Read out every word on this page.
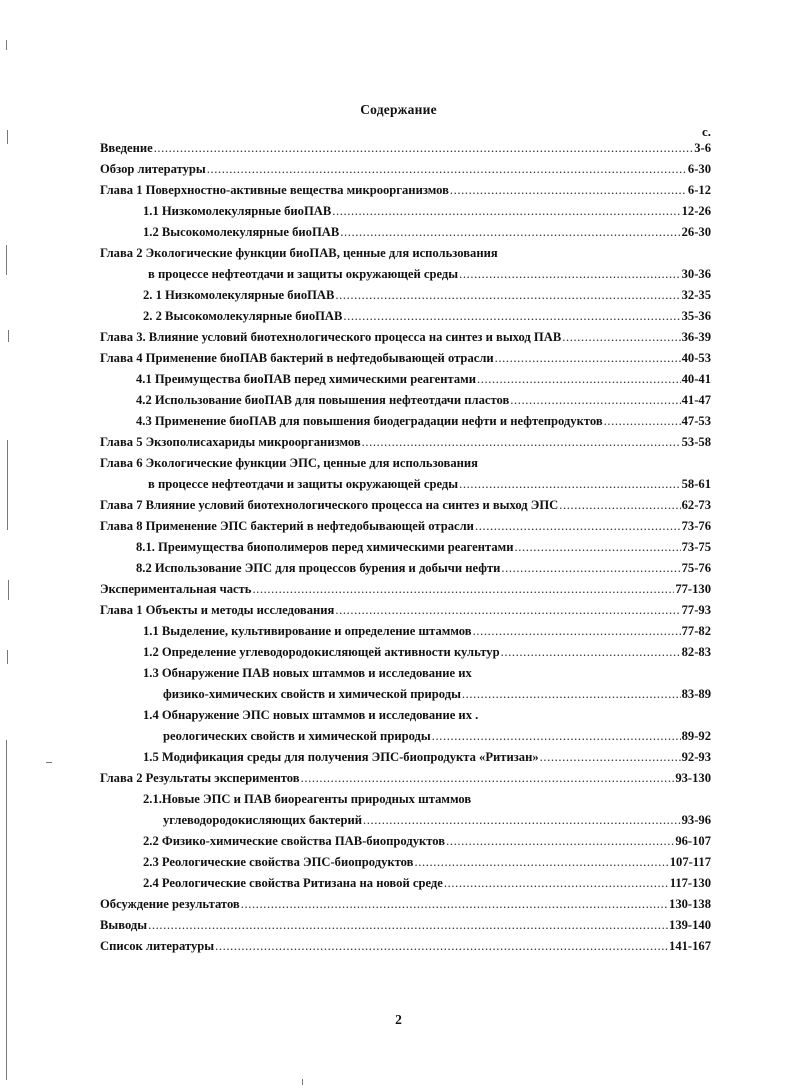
Содержание
с.
Введение .....	3-6
Обзор литературы .....	6-30
Глава 1 Поверхностно-активные вещества микроорганизмов .....	6-12
1.1 Низкомолекулярные биоПАВ .....	12-26
1.2 Высокомолекулярные биоПАВ .....	26-30
Глава 2 Экологические функции биоПАВ, ценные для использования
в процессе нефтеотдачи и защиты окружающей среды .....	30-36
2. 1 Низкомолекулярные биоПАВ .....	32-35
2. 2 Высокомолекулярные биоПАВ .....	35-36
Глава 3. Влияние условий биотехнологического процесса на синтез и выход ПАВ .....	36-39
Глава 4 Применение биоПАВ бактерий в нефтедобывающей отрасли .....	40-53
4.1 Преимущества биоПАВ перед химическими реагентами .....	40-41
4.2 Использование биоПАВ для повышения нефтеотдачи пластов .....	41-47
4.3 Применение биоПАВ для повышения биодеградации нефти и нефтепродуктов .....	47-53
Глава 5 Экзополисахариды микроорганизмов .....	53-58
Глава 6 Экологические функции ЭПС, ценные для использования
в процессе нефтеотдачи и защиты окружающей среды .....	58-61
Глава 7 Влияние условий биотехнологического процесса на синтез и выход ЭПС .....	62-73
Глава 8 Применение ЭПС бактерий в нефтедобывающей отрасли .....	73-76
8.1. Преимущества биополимеров перед химическими реагентами .....	73-75
8.2 Использование ЭПС для процессов бурения и добычи нефти .....	75-76
Экспериментальная часть .....	77-130
Глава 1 Объекты и методы исследования .....	77-93
1.1 Выделение, культивирование и определение штаммов .....	77-82
1.2 Определение углеводородокисляющей активности культур .....	82-83
1.3 Обнаружение ПАВ новых штаммов и исследование их
физико-химических свойств и химической природы .....	83-89
1.4 Обнаружение ЭПС новых штаммов и исследование их .
реологических свойств и химической природы .....	89-92
1.5 Модификация среды для получения ЭПС-биопродукта «Ритизан» .....	92-93
Глава 2 Результаты экспериментов .....	93-130
2.1.Новые ЭПС и ПАВ биореагенты природных штаммов
углеводородокисляющих бактерий .....	93-96
2.2 Физико-химические свойства ПАВ-биопродуктов .....	96-107
2.3 Реологические свойства ЭПС-биопродуктов .....	107-117
2.4 Реологические свойства Ритизана на новой среде .....	117-130
Обсуждение результатов .....	130-138
Выводы .....	139-140
Список литературы .....	141-167
2
